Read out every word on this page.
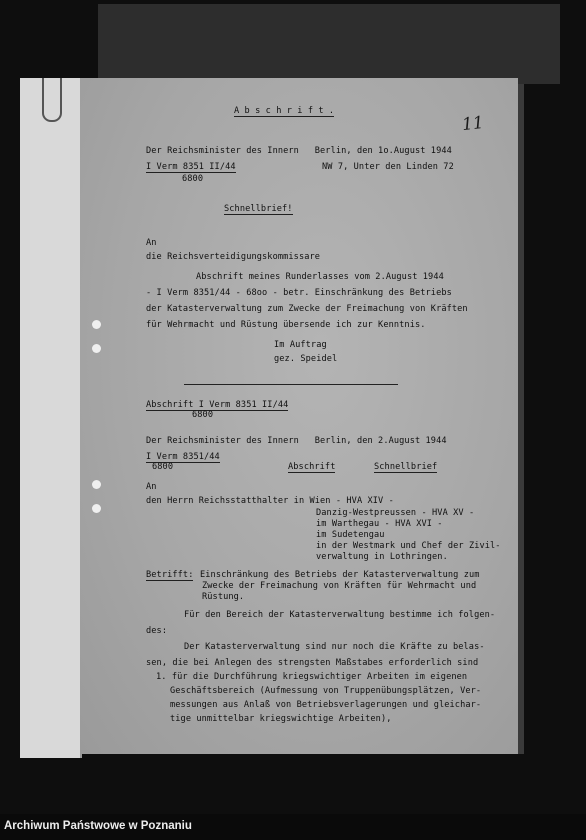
11
A b s c h r i f t .
Der Reichsminister des Innern   Berlin, den 1o.August 1944
I Verm 8351 II/44	NW 7, Unter den Linden 72
6800
Schnellbrief!
An
die Reichsverteidigungskommissare
Abschrift meines Runderlasses vom 2.August 1944
- I Verm 8351/44 - 68oo - betr. Einschränkung des Betriebs
der Katasterverwaltung zum Zwecke der Freimachung von Kräften
für Wehrmacht und Rüstung übersende ich zur Kenntnis.
Im Auftrag
gez. Speidel
Abschrift I Verm 8351 II/44
6800
Der Reichsminister des Innern   Berlin, den 2.August 1944
I Verm 8351/44
6800	Abschrift	Schnellbrief
An
den Herrn Reichsstatthalter in Wien - HVA XIV -
Danzig-Westpreussen - HVA XV -
im Warthegau - HVA XVI -
im Sudetengau
in der Westmark und Chef der Zivil-
verwaltung in Lothringen.
Betrifft: Einschränkung des Betriebs der Katasterverwaltung zum
Zwecke der Freimachung von Kräften für Wehrmacht und
Rüstung.
Für den Bereich der Katasterverwaltung bestimme ich folgen-
des:
Der Katasterverwaltung sind nur noch die Kräfte zu belas-
sen, die bei Anlegen des strengsten Maßstabes erforderlich sind
1. für die Durchführung kriegswichtiger Arbeiten im eigenen
Geschäftsbereich (Aufmessung von Truppenübungsplätzen, Ver-
messungen aus Anlaß von Betriebsverlagerungen und gleichar-
tige unmittelbar kriegswichtige Arbeiten),
Archiwum Państwowe w Poznaniu
